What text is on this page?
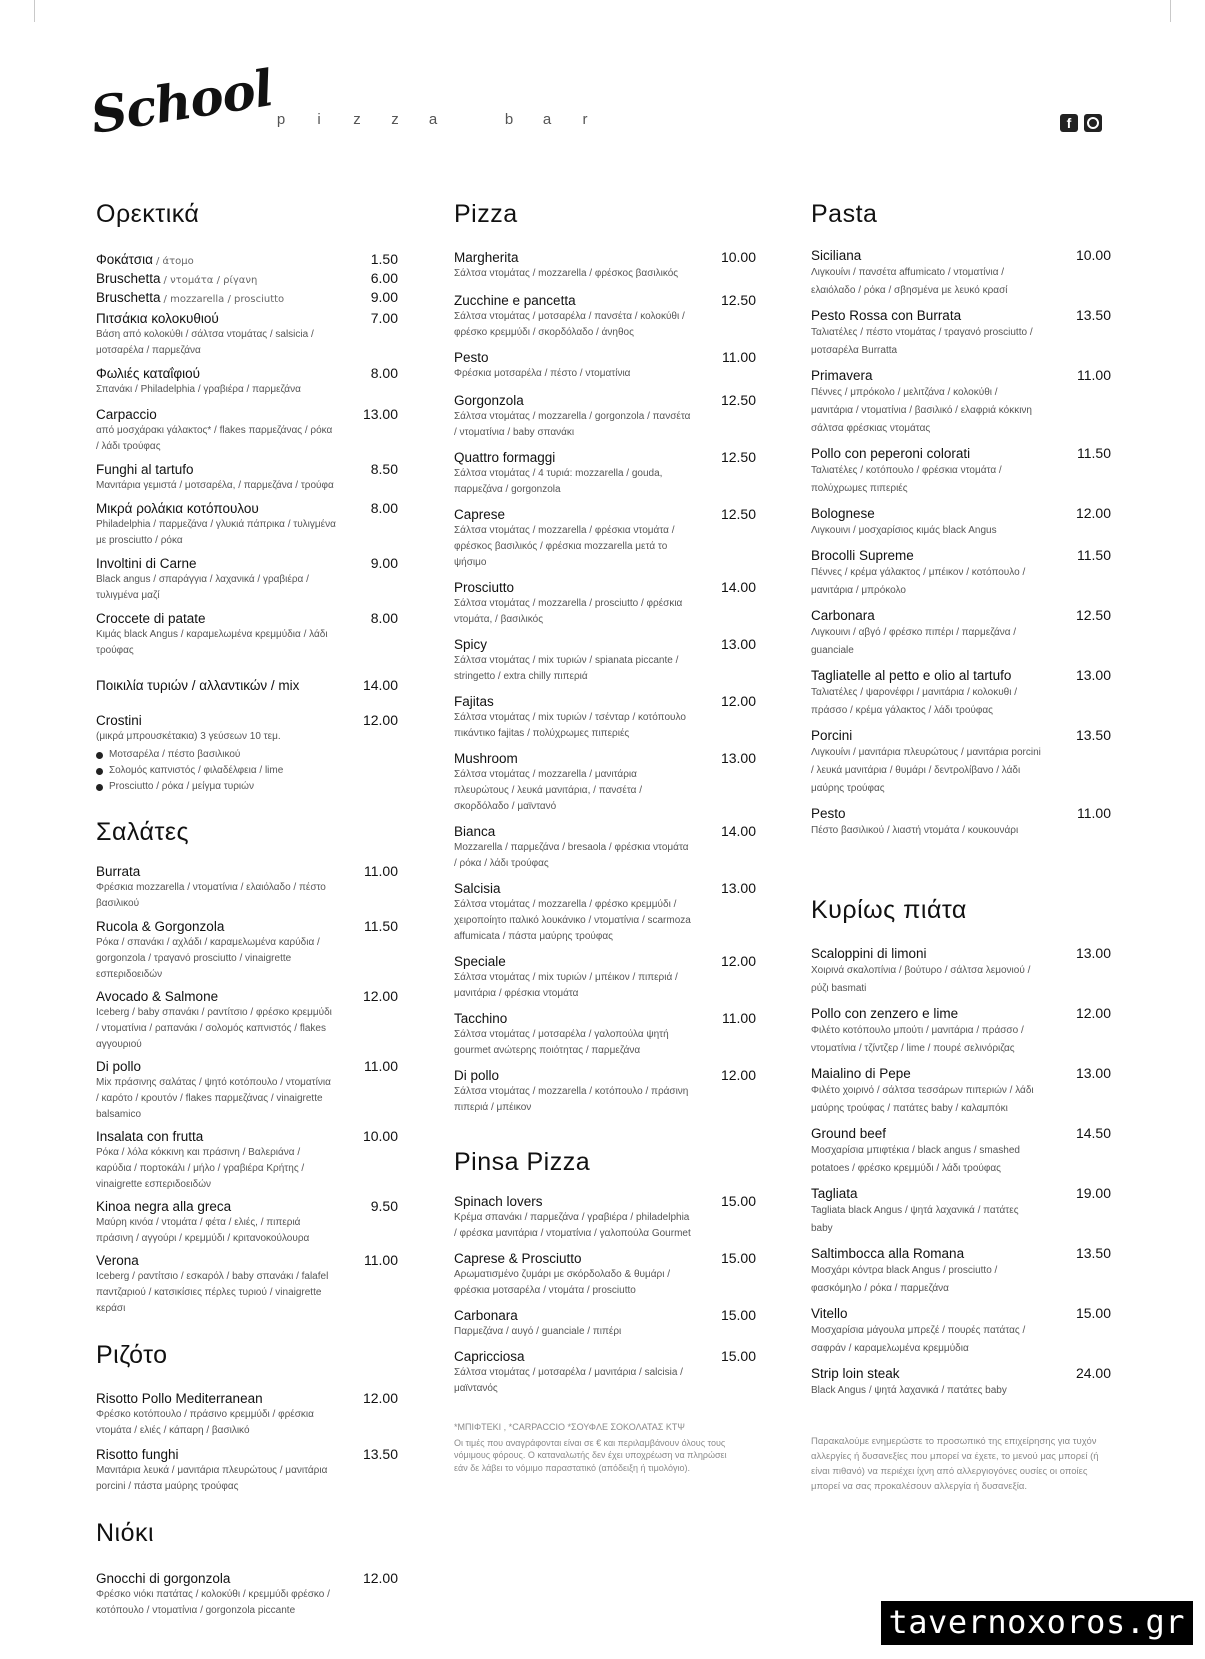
School p	i	z	z	a	b	a	r	f
Ορεκτικά
Φοκάτσια / άτομο	1.50
Bruschetta / ντομάτα / ρίγανη	6.00
Bruschetta / mozzarella / prosciutto	9.00
Πιτσάκια κολοκυθιού	7.00
Βάση από κολοκύθι / σάλτσα ντομάτας / salsicia / μοτσαρέλα / παρμεζάνα
Φωλιές καταΐφιού	8.00
Σπανάκι / Philadelphia / γραβιέρα / παρμεζάνα
Carpaccio	13.00
από μοσχάρακι γάλακτος* / flakes παρμεζάνας / ρόκα / λάδι τρούφας
Funghi al tartufo	8.50
Μανιτάρια γεμιστά / μοτσαρέλα, / παρμεζάνα / τρούφα
Μικρά ρολάκια κοτόπουλου	8.00
Philadelphia / παρμεζάνα / γλυκιά πάπρικα / τυλιγμένα με prosciutto / ρόκα
Involtini di Carne	9.00
Black angus / σπαράγγια / λαχανικά / γραβιέρα / τυλιγμένα μαζί
Croccete di patate	8.00
Κιμάς black Angus / καραμελωμένα κρεμμύδια / λάδι τρούφας
Ποικιλία τυριών / αλλαντικών / mix	14.00
Crostini	12.00
(μικρά μπρουσκέτακια) 3 γεύσεων 10 τεμ.
Μοτσαρέλα / πέστο βασιλικού
Σολομός καπνιστός / φιλαδέλφεια / lime
Prosciutto / ρόκα / μείγμα τυριών
Σαλάτες
Burrata	11.00
Φρέσκια mozzarella / ντοματίνια / ελαιόλαδο / πέστο βασιλικού
Rucola & Gorgonzola	11.50
Ρόκα / σπανάκι / αχλάδι / καραμελωμένα καρύδια / gorgonzola / τραγανό prosciutto / vinaigrette εσπεριδοειδών
Avocado & Salmone	12.00
Iceberg / baby σπανάκι / ραντίτσιο / φρέσκο κρεμμύδι / ντοματίνια / ραπανάκι / σολομός καπνιστός / flakes αγγουριού
Di pollo	11.00
Mix πράσινης σαλάτας / ψητό κοτόπουλο / ντοματίνια / καρότο / κρουτόν / flakes παρμεζάνας / vinaigrette balsamico
Insalata con frutta	10.00
Ρόκα / λόλα κόκκινη και πράσινη / Βαλεριάνα / καρύδια / πορτοκάλι / μήλο / γραβιέρα Κρήτης / vinaigrette εσπεριδοειδών
Kinoa negra alla greca	9.50
Μαύρη κινόα / ντομάτα / φέτα / ελιές, / πιπεριά πράσινη / αγγούρι / κρεμμύδι / κριτανοκούλουρα
Verona	11.00
Iceberg / ραντίτσιο / εσκαρόλ / baby σπανάκι / falafel παντζαριού / κατσικίσιες πέρλες τυριού / vinaigrette κεράσι
Ριζότο
Risotto Pollo Mediterranean	12.00
Φρέσκο κοτόπουλο / πράσινο κρεμμύδι / φρέσκια ντομάτα / ελιές / κάπαρη / βασιλικό
Risotto funghi	13.50
Μανιτάρια λευκά / μανιτάρια πλευρώτους / μανιτάρια porcini / πάστα μαύρης τρούφας
Νιόκι
Gnocchi di gorgonzola	12.00
Φρέσκο νιόκι πατάτας / κολοκύθι / κρεμμύδι φρέσκο / κοτόπουλο / ντοματίνια / gorgonzola piccante
Pizza
Margherita	10.00
Σάλτσα ντομάτας / mozzarella / φρέσκος βασιλικός
Zucchine e pancetta	12.50
Σάλτσα ντομάτας / μοτσαρέλα / πανσέτα / κολοκύθι / φρέσκο κρεμμύδι / σκορδόλαδο / άνηθος
Pesto	11.00
Φρέσκια μοτσαρέλα / πέστο / ντοματίνια
Gorgonzola	12.50
Σάλτσα ντομάτας / mozzarella / gorgonzola / πανσέτα / ντοματίνια / baby σπανάκι
Quattro formaggi	12.50
Σάλτσα ντομάτας / 4 τυριά: mozzarella / gouda, παρμεζάνα / gorgonzola
Caprese	12.50
Σάλτσα ντομάτας / mozzarella / φρέσκια ντομάτα / φρέσκος βασιλικός / φρέσκια mozzarella μετά το ψήσιμο
Prosciutto	14.00
Σάλτσα ντομάτας / mozzarella / prosciutto / φρέσκια ντομάτα, / βασιλικός
Spicy	13.00
Σάλτσα ντομάτας / mix τυριών / spianata piccante / stringetto / extra chilly πιπεριά
Fajitas	12.00
Σάλτσα ντομάτας / mix τυριών / τσένταρ / κοτόπουλο πικάντικο fajitas / πολύχρωμες πιπεριές
Mushroom	13.00
Σάλτσα ντομάτας / mozzarella / μανιτάρια πλευρώτους / λευκά μανιτάρια, / πανσέτα / σκορδόλαδο / μαϊντανό
Bianca	14.00
Mozzarella / παρμεζάνα / bresaola / φρέσκια ντομάτα / ρόκα / λάδι τρούφας
Salcisia	13.00
Σάλτσα ντομάτας / mozzarella / φρέσκο κρεμμύδι / χειροποίητο ιταλικό λουκάνικο / ντοματίνια / scarmoza affumicata / πάστα μαύρης τρούφας
Speciale	12.00
Σάλτσα ντομάτας / mix τυριών / μπέικον / πιπεριά / μανιτάρια / φρέσκια ντομάτα
Tacchino	11.00
Σάλτσα ντομάτας / μοτσαρέλα / γαλοπούλα ψητή gourmet ανώτερης ποιότητας / παρμεζάνα
Di pollo	12.00
Σάλτσα ντομάτας / mozzarella / κοτόπουλο / πράσινη πιπεριά / μπέικον
Pinsa Pizza
Spinach lovers	15.00
Κρέμα σπανάκι / παρμεζάνα / γραβιέρα / philadelphia / φρέσκα μανιτάρια / ντοματίνια / γαλοπούλα Gourmet
Caprese & Prosciutto	15.00
Αρωματισμένο ζυμάρι με σκόρδολαδο & θυμάρι / φρέσκια μοτσαρέλα / ντομάτα / prosciutto
Carbonara	15.00
Παρμεζάνα / αυγό / guanciale / πιπέρι
Capricciosa	15.00
Σάλτσα ντομάτας / μοτσαρέλα / μανιτάρια / salcisia / μαϊντανός
*ΜΠΙΦΤΕΚΙ , *CARPACCIO *ΣΟΥΦΛΕ ΣΟΚΟΛΑΤΑΣ ΚΤΨ
Οι τιμές που αναγράφονται είναι σε € και περιλαμβάνουν όλους τους νόμιμους φόρους. Ο καταναλωτής δεν έχει υποχρέωση να πληρώσει εάν δε λάβει το νόμιμο παραστατικό (απόδειξη ή τιμολόγιο).
Pasta
Siciliana	10.00
Λιγκουίνι / πανσέτα affumicato / ντοματίνια / ελαιόλαδο / ρόκα / σβησμένα με λευκό κρασί
Pesto Rossa con Burrata	13.50
Ταλιατέλες / πέστο ντομάτας / τραγανό prosciutto / μοτσαρέλα Burratta
Primavera	11.00
Πέννες / μπρόκολο / μελιτζάνα / κολοκύθι / μανιτάρια / ντοματίνια / βασιλικό / ελαφριά κόκκινη σάλτσα φρέσκιας ντομάτας
Pollo con peperoni colorati	11.50
Ταλιατέλες / κοτόπουλο / φρέσκια ντομάτα / πολύχρωμες πιπεριές
Bolognese	12.00
Λιγκουινι / μοσχαρίσιος κιμάς black Angus
Brocolli Supreme	11.50
Πέννες / κρέμα γάλακτος / μπέικον / κοτόπουλο / μανιτάρια / μπρόκολο
Carbonara	12.50
Λιγκουινι / αβγό / φρέσκο πιπέρι / παρμεζάνα / guanciale
Tagliatelle al petto e olio al tartufo	13.00
Ταλιατέλες / ψαρονέφρι / μανιτάρια / κολοκυθι / πράσσο / κρέμα γάλακτος / λάδι τρούφας
Porcini	13.50
Λιγκουίνι / μανιτάρια πλευρώτους / μανιτάρια porcini / λευκά μανιτάρια / θυμάρι / δεντρολίβανο / λάδι μαύρης τρούφας
Pesto	11.00
Πέστο βασιλικού / λιαστή ντομάτα / κουκουνάρι
Κυρίως πιάτα
Scaloppini di limoni	13.00
Χοιρινά σκαλοπίνια / βούτυρο / σάλτσα λεμονιού / ρύζι basmati
Pollo con zenzero e lime	12.00
Φιλέτο κοτόπουλο μπούτι / μανιτάρια / πράσσο / ντοματίνια / τζίντζερ / lime / πουρέ σελινόριζας
Maialino di Pepe	13.00
Φιλέτο χοιρινό / σάλτσα τεσσάρων πιπεριών / λάδι μαύρης τρούφας / πατάτες baby / καλαμπόκι
Ground beef	14.50
Μοσχαρίσια μπιφτέκια / black angus / smashed potatoes / φρέσκο κρεμμύδι / λάδι τρούφας
Tagliata	19.00
Tagliata black Angus / ψητά λαχανικά / πατάτες baby
Saltimbocca alla Romana	13.50
Μοσχάρι κόντρα black Angus / prosciutto / φασκόμηλο / ρόκα / παρμεζάνα
Vitello	15.00
Μοσχαρίσια μάγουλα μπρεζέ / πουρές πατάτας / σαφράν / καραμελωμένα κρεμμύδια
Strip loin steak	24.00
Black Angus / ψητά λαχανικά / πατάτες baby
Παρακαλούμε ενημερώστε το προσωπικό της επιχείρησης για τυχόν αλλεργίες ή δυσανεξίες που μπορεί να έχετε, το μενού μας μπορεί (ή είναι πιθανό) να περιέχει ίχνη από αλλεργιογόνες ουσίες οι οποίες μπορεί να σας προκαλέσουν αλλεργία ή δυσανεξία.
tavernoxoros.gr
